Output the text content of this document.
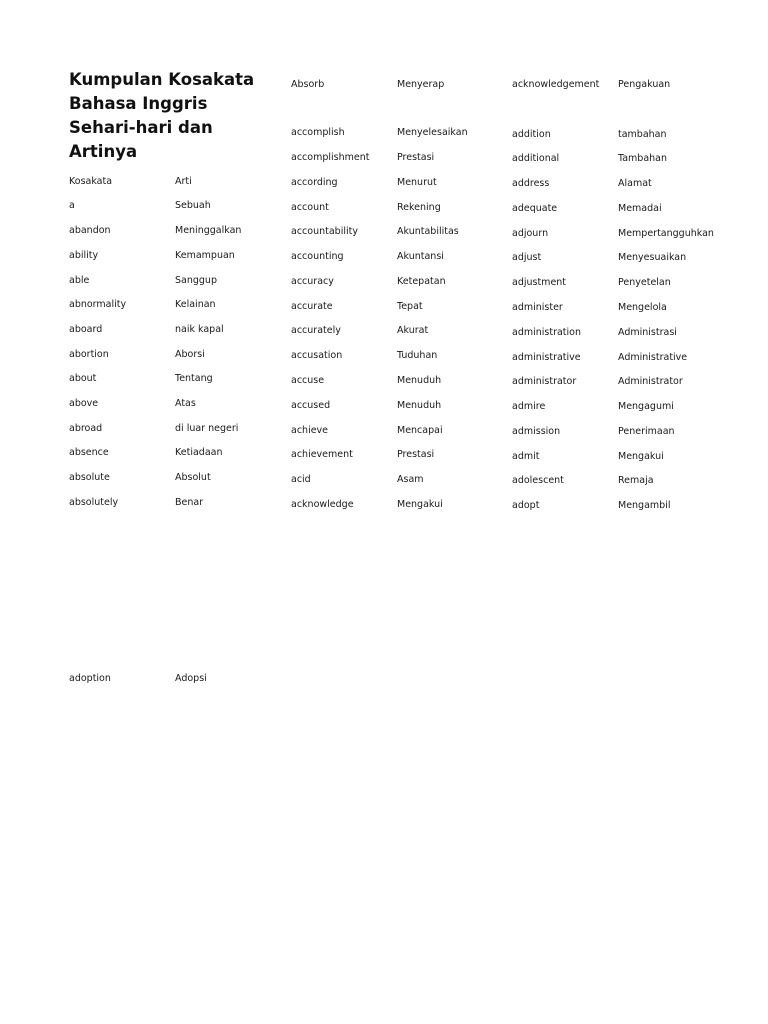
Kumpulan Kosakata Bahasa Inggris Sehari-hari dan Artinya
Kosakata	Arti
a	Sebuah
abandon	Meninggalkan
ability	Kemampuan
able	Sanggup
abnormality	Kelainan
aboard	naik kapal
abortion	Aborsi
about	Tentang
above	Atas
abroad	di luar negeri
absence	Ketiadaan
absolute	Absolut
absolutely	Benar
adoption	Adopsi
Absorb	Menyerap
accomplish	Menyelesaikan
accomplishment	Prestasi
according	Menurut
account	Rekening
accountability	Akuntabilitas
accounting	Akuntansi
accuracy	Ketepatan
accurate	Tepat
accurately	Akurat
accusation	Tuduhan
accuse	Menuduh
accused	Menuduh
achieve	Mencapai
achievement	Prestasi
acid	Asam
acknowledge	Mengakui
acknowledgement Pengakuan
addition	tambahan
additional	Tambahan
address	Alamat
adequate	Memadai
adjourn	Mempertangguhkan
adjust	Menyesuaikan
adjustment	Penyetelan
administer	Mengelola
administration	Administrasi
administrative	Administrative
administrator	Administrator
admire	Mengagumi
admission	Penerimaan
admit	Mengakui
adolescent	Remaja
adopt	Mengambil
